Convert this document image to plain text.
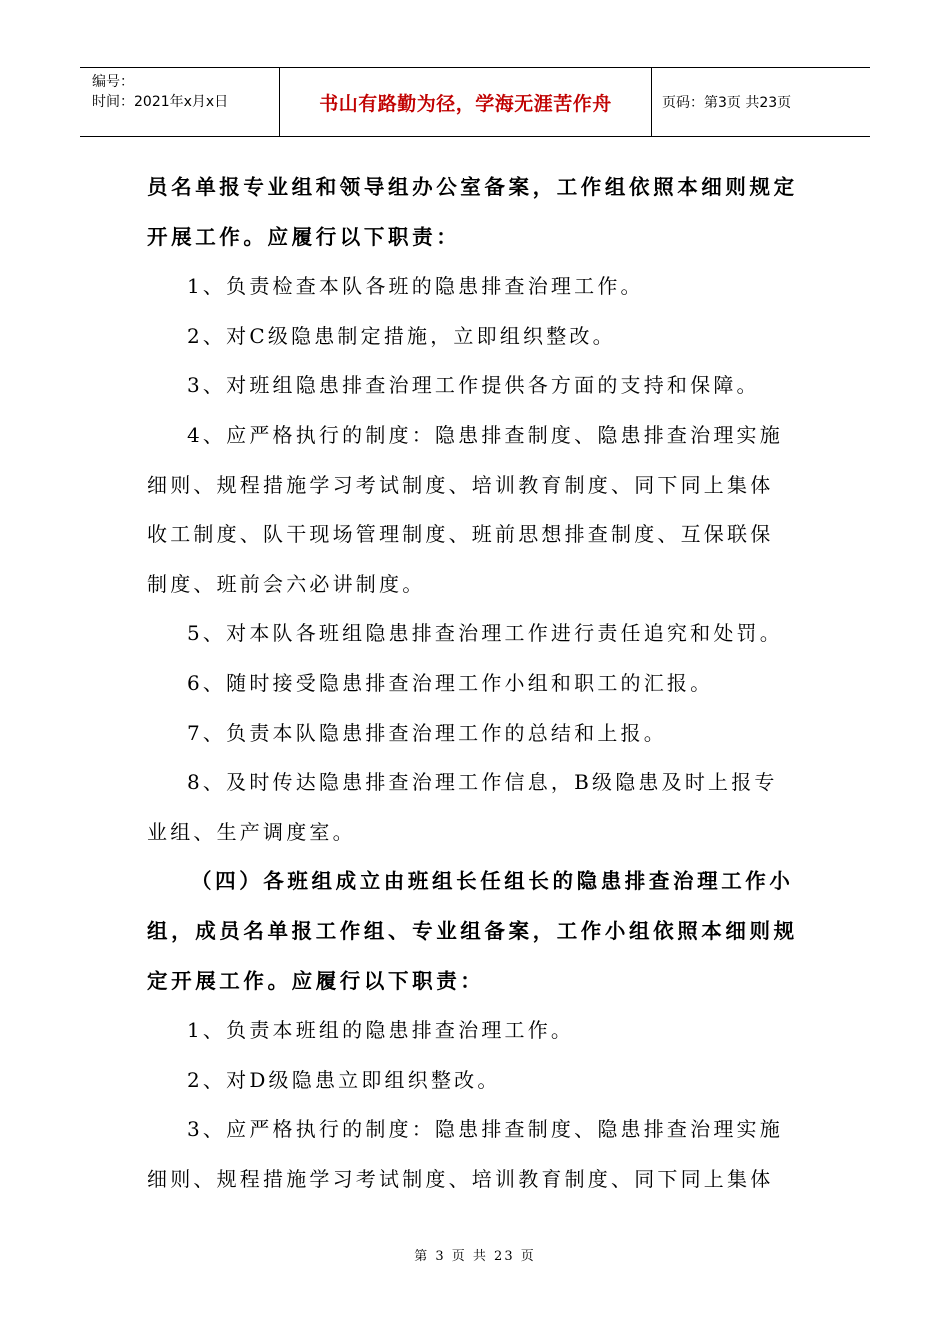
编号：
时间：2021年x月x日	书山有路勤为径，学海无涯苦作舟	页码：第3页 共23页

员名单报专业组和领导组办公室备案，工作组依照本细则规定

开展工作。应履行以下职责：

1、负责检查本队各班的隐患排查治理工作。

2、对C级隐患制定措施，立即组织整改。

3、对班组隐患排查治理工作提供各方面的支持和保障。

4、应严格执行的制度：隐患排查制度、隐患排查治理实施

细则、规程措施学习考试制度、培训教育制度、同下同上集体

收工制度、队干现场管理制度、班前思想排查制度、互保联保

制度、班前会六必讲制度。

5、对本队各班组隐患排查治理工作进行责任追究和处罚。

6、随时接受隐患排查治理工作小组和职工的汇报。

7、负责本队隐患排查治理工作的总结和上报。

8、及时传达隐患排查治理工作信息，B级隐患及时上报专

业组、生产调度室。

（四）各班组成立由班组长任组长的隐患排查治理工作小

组，成员名单报工作组、专业组备案，工作小组依照本细则规

定开展工作。应履行以下职责：

1、负责本班组的隐患排查治理工作。

2、对D级隐患立即组织整改。

3、应严格执行的制度：隐患排查制度、隐患排查治理实施

细则、规程措施学习考试制度、培训教育制度、同下同上集体

第 3 页 共 23 页
